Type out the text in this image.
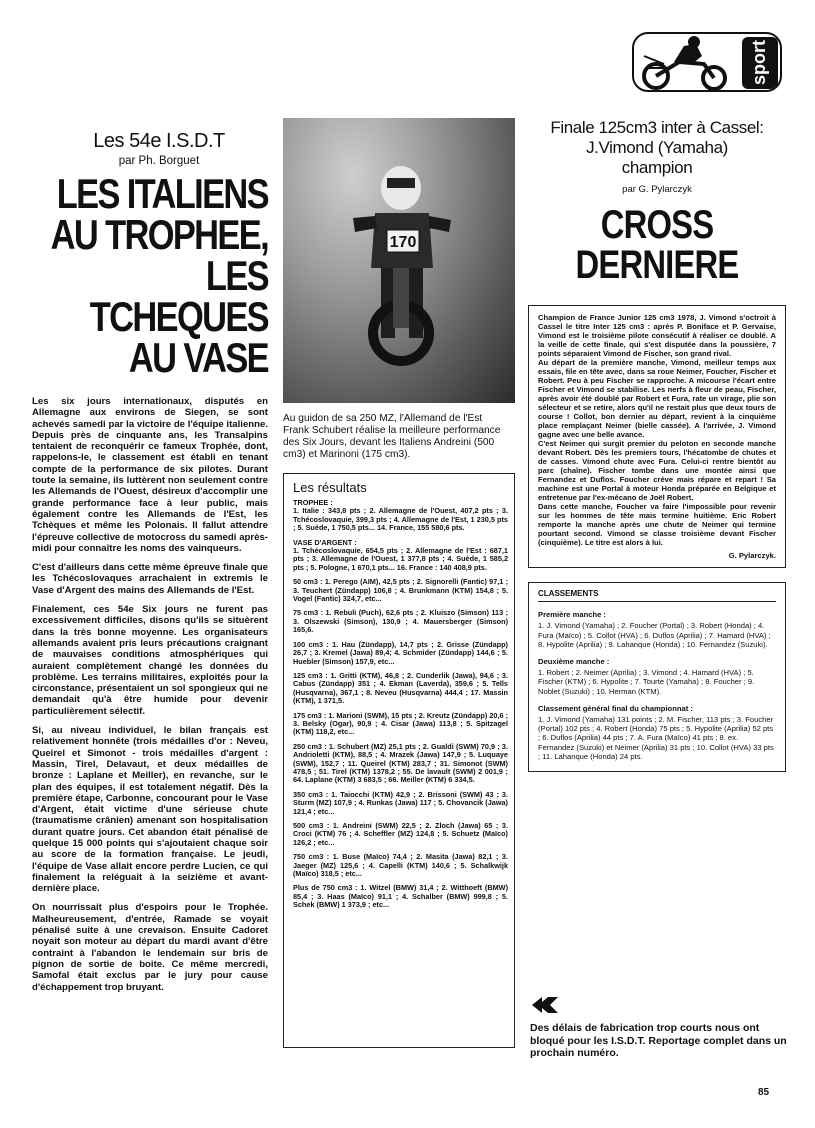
sport
Les 54e I.S.D.T
par Ph. Borguet
LES ITALIENS
AU TROPHEE,
LES TCHEQUES
AU VASE

Les six jours internationaux, disputés en Allemagne aux environs de Siegen, se sont achevés samedi par la victoire de l'équipe italienne. Depuis près de cinquante ans, les Transalpins tentaient de reconquérir ce fameux Trophée, dont, rappelons-le, le classement est établi en tenant compte de la performance de six pilotes. Durant toute la semaine, ils luttèrent non seulement contre les Allemands de l'Ouest, désireux d'accomplir une grande performance face à leur public, mais également contre les Allemands de l'Est, les Tchèques et même les Polonais. Il fallut attendre l'épreuve collective de motocross du samedi après-midi pour connaître les noms des vainqueurs.

C'est d'ailleurs dans cette même épreuve finale que les Tchécoslovaques arrachaient in extremis le Vase d'Argent des mains des Allemands de l'Est.

Finalement, ces 54e Six jours ne furent pas excessivement difficiles, disons qu'ils se situèrent dans la très bonne moyenne. Les organisateurs allemands avaient pris leurs précautions craignant de mauvaises conditions atmosphériques qui auraient complètement changé les données du problème. Les terrains militaires, exploités pour la circonstance, présentaient un sol spongieux qui ne demandait qu'à être humide pour devenir particulièrement sélectif.

Si, au niveau individuel, le bilan français est relativement honnête (trois médailles d'or : Neveu, Queirel et Simonot - trois médailles d'argent : Massin, Tirel, Delavaut, et deux médailles de bronze : Laplane et Meiller), en revanche, sur le plan des équipes, il est totalement négatif. Dès la première étape, Carbonne, concourant pour le Vase d'Argent, était victime d'une sérieuse chute (traumatisme crânien) amenant son hospitalisation durant quatre jours. Cet abandon était pénalisé de quelque 15 000 points qui s'ajoutaient chaque soir au score de la formation française. Le jeudi, l'équipe de Vase allait encore perdre Lucien, ce qui finalement la reléguait à la seizième et avant-dernière place.

On nourrissait plus d'espoirs pour le Trophée. Malheureusement, d'entrée, Ramade se voyait pénalisé suite à une crevaison. Ensuite Cadoret noyait son moteur au départ du mardi avant d'être contraint à l'abandon le lendemain sur bris de pignon de sortie de boite. Ce même mercredi, Samofal était exclus par le jury pour cause d'échappement trop bruyant.

170
Au guidon de sa 250 MZ, l'Allemand de l'Est Frank Schubert réalise la meilleure performance des Six Jours, devant les Italiens Andreini (500 cm3) et Marinoni (175 cm3).
Les résultats
TROPHEE :
1. Italie : 343,8 pts ; 2. Allemagne de l'Ouest, 407,2 pts ; 3. Tchécoslovaquie, 399,3 pts ; 4. Allemagne de l'Est, 1 230,5 pts ; 5. Suède, 1 750,5 pts... 14. France, 155 580,6 pts.
VASE D'ARGENT :
1. Tchécoslovaquie, 654,5 pts ; 2. Allemagne de l'Est : 687,1 pts ; 3. Allemagne de l'Ouest, 1 377,8 pts ; 4. Suède, 1 585,2 pts ; 5. Pologne, 1 670,1 pts... 16. France : 140 408,9 pts.
50 cm3 : 1. Perego (AIM), 42,5 pts ; 2. Signorelli (Fantic) 97,1 ; 3. Teuchert (Zündapp) 106,8 ; 4. Brunkmann (KTM) 154,8 ; 5. Vogel (Fantic) 324,7, etc...
75 cm3 : 1. Rebuli (Puch), 62,6 pts ; 2. Kluiszo (Simson) 113 ; 3. Olszewski (Simson), 130,9 ; 4. Mauersberger (Simson) 165,6.
100 cm3 : 1. Hau (Zündapp), 14,7 pts ; 2. Grisse (Zündapp) 26,7 ; 3. Kremel (Jawa) 89,4; 4. Schmider (Zündapp) 144,6 ; 5. Huebler (Simson) 157,9, etc...
125 cm3 : 1. Gritti (KTM), 46,8 ; 2. Cunderlik (Jawa), 94,6 ; 3. Cabus (Zündapp) 351 ; 4. Ekman (Laverda), 359,6 ; 5. Tells (Husqvarna), 367,1 ; 8. Neveu (Husqvarna) 444,4 ; 17. Massin (KTM), 1 371,5.
175 cm3 : 1. Marioni (SWM), 15 pts ; 2. Kreutz (Zündapp) 20,6 ; 3. Belsky (Ogar), 90,9 ; 4. Cisar (Jawa) 113,8 ; 5. Spitzagel (KTM) 118,2, etc...
250 cm3 : 1. Schubert (MZ) 25,1 pts ; 2. Gualdi (SWM) 70,9 ; 3. Andrioletti (KTM), 88,5 ; 4. Mrazek (Jawa) 147,9 ; 5. Luquaye (SWM), 152,7 ; 11. Queirel (KTM) 283,7 ; 31. Simonot (SWM) 478,5 ; 51. Tirel (KTM) 1378,2 ; 55. De lavault (SWM) 2 001,9 ; 64. Laplane (KTM) 3 683,5 ; 66. Meiller (KTM) 6 334,5.
350 cm3 : 1. Taiocchi (KTM) 42,9 ; 2. Brissoni (SWM) 43 ; 3. Sturm (MZ) 107,9 ; 4. Runkas (Jawa) 117 ; 5. Chovancik (Jawa) 121,4 ; etc...
500 cm3 : 1. Andreini (SWM) 22,5 ; 2. Zloch (Jawa) 65 ; 3. Croci (KTM) 76 ; 4. Scheffler (MZ) 124,8 ; 5. Schuetz (Maïco) 126,2 ; etc...
750 cm3 : 1. Buse (Maïco) 74,4 ; 2. Masita (Jawa) 82,1 ; 3. Jaeger (MZ) 125,6 ; 4. Capelli (KTM) 140,6 ; 5. Schalkwijk (Maïco) 318,5 ; etc...
Plus de 750 cm3 : 1. Witzel (BMW) 31,4 ; 2. Witthoeft (BMW) 85,4 ; 3. Haas (Maïco) 91,1 ; 4. Schalber (BMW) 999,8 ; 5. Schek (BMW) 1 373,9 ; etc...
Finale 125cm3 inter à Cassel:
J.Vimond (Yamaha)
champion
par G. Pylarczyk
CROSS
DERNIERE
Champion de France Junior 125 cm3 1978, J. Vimond s'octroit à Cassel le titre Inter 125 cm3 : après P. Boniface et P. Gervaise, Vimond est le troisième pilote consécutif à réaliser ce doublé. A la veille de cette finale, qui s'est disputée dans la poussière, 7 points séparaient Vimond de Fischer, son grand rival.
Au départ de la première manche, Vimond, meilleur temps aux essais, file en tête avec, dans sa roue Neimer, Foucher, Fischer et Robert. Peu à peu Fischer se rapproche. A micourse l'écart entre Fischer et Vimond se stabilise. Les nerfs à fleur de peau, Fischer, après avoir été doublé par Robert et Fura, rate un virage, plie son sélecteur et se retire, alors qu'il ne restait plus que deux tours de course ! Collot, bon dernier au départ, revient à la cinquième place remplaçant Neimer (bielle cassée). A l'arrivée, J. Vimond gagne avec une belle avance.
C'est Neimer qui surgit premier du peloton en seconde manche devant Robert. Dès les premiers tours, l'hécatombe de chutes et de casses. Vimond chute avec Fura. Celui-ci rentre bientôt au parc (chaîne). Fischer tombe dans une montée ainsi que Fernandez et Duflos. Foucher crève mais répare et repart ! Sa machine est une Portal à moteur Honda préparée en Belgique et entretenue par l'ex-mécano de Joël Robert.
Dans cette manche, Foucher va faire l'impossible pour revenir sur les hommes de tête mais termine huitième. Eric Robert remporte la manche après une chute de Neimer qui termine pourtant second. Vimond se classe troisième devant Fischer (cinquième). Le titre est alors à lui.
G. Pylarczyk.
CLASSEMENTS
Première manche :
1. J. Vimond (Yamaha) ; 2. Foucher (Portal) ; 3. Robert (Honda) ; 4. Fura (Maïco) ; 5. Collot (HVA) ; 6. Duflos (Aprilia) ; 7. Hamard (HVA) ; 8. Hypolite (Aprilia) ; 9. Lahanque (Honda) ; 10. Fernandez (Suzuki).
Deuxième manche :
1. Robert ; 2. Neimer (Aprilia) ; 3. Vimond ; 4. Hamard (HVA) ; 5. Fischer (KTM) ; 6. Hypolite ; 7. Tourte (Yamaha) ; 8. Foucher ; 9. Noblet (Suzuki) ; 10. Herman (KTM).
Classement général final du championnat :
1. J. Vimond (Yamaha) 131 points ; 2. M. Fischer, 113 pts ; 3. Foucher (Portal) 102 pts ; 4. Robert (Honda) 75 pts ; 5. Hypolite (Aprilia) 52 pts ; 6. Duflos (Aprilia) 44 pts ; 7. A. Fura (Maïco) 41 pts ; 8. ex. Fernandez (Suzuki) et Neimer (Aprilia) 31 pts ; 10. Collot (HVA) 33 pts ; 11. Lahanque (Honda) 24 pts.
Des délais de fabrication trop courts nous ont bloqué pour les I.S.D.T. Reportage complet dans un prochain numéro.
85
